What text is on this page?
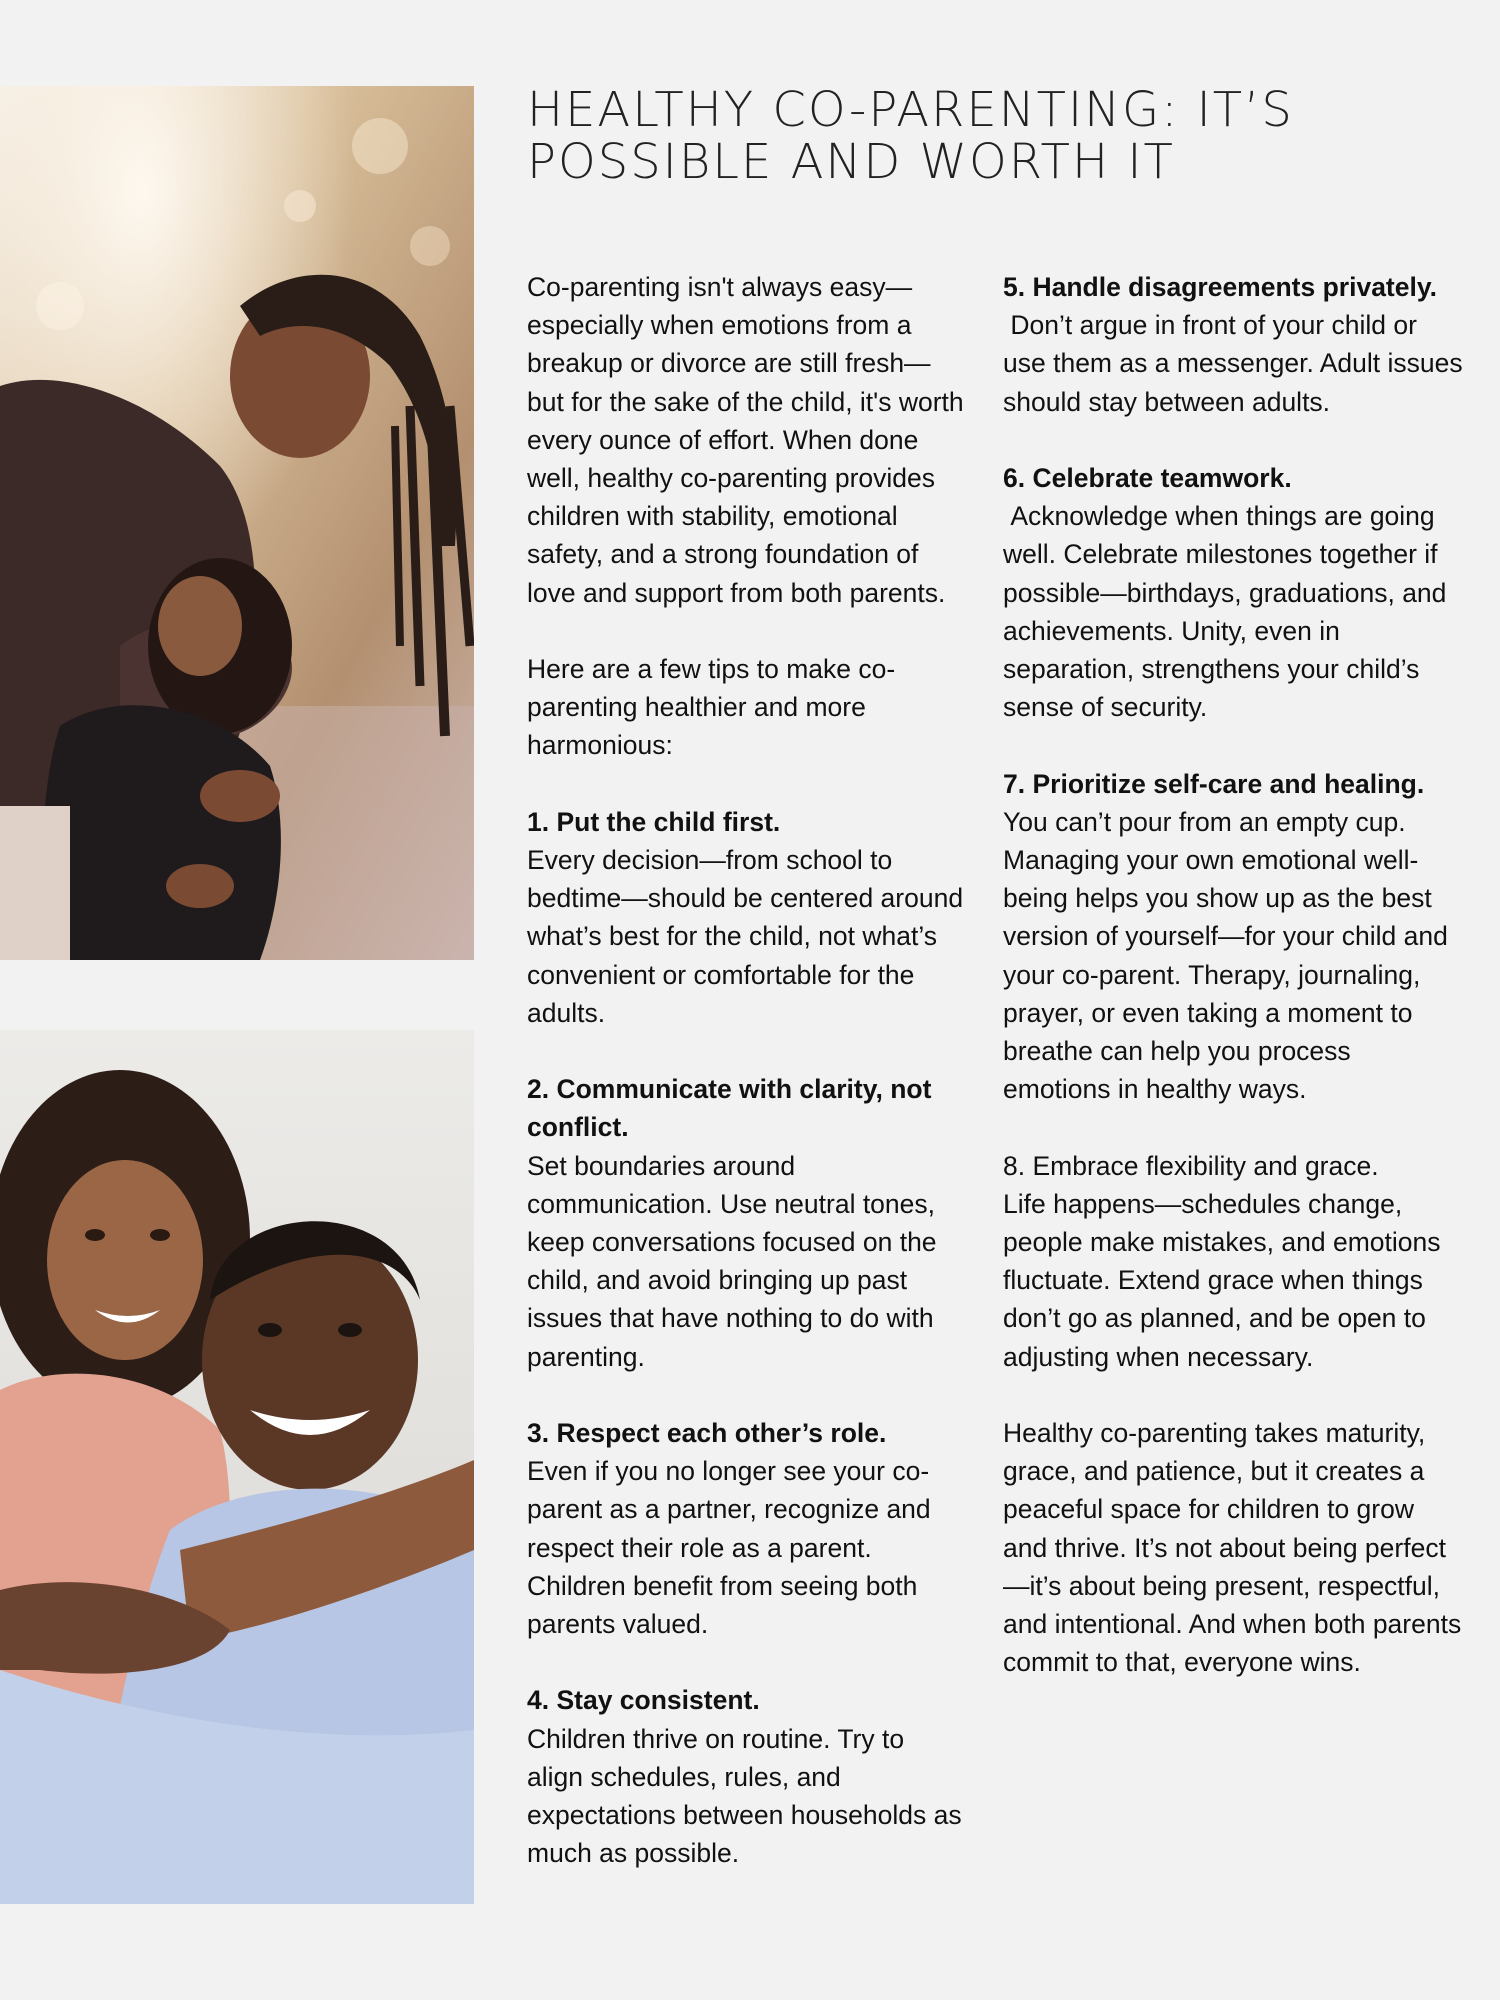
HEALTHY CO-PARENTING: IT’S
POSSIBLE AND WORTH IT

Co-parenting isn't always easy—especially when emotions from a breakup or divorce are still fresh—but for the sake of the child, it's worth every ounce of effort. When done well, healthy co-parenting provides children with stability, emotional safety, and a strong foundation of love and support from both parents.

Here are a few tips to make co-parenting healthier and more harmonious:

1. Put the child first.
Every decision—from school to bedtime—should be centered around what’s best for the child, not what’s convenient or comfortable for the adults.

2. Communicate with clarity, not conflict.
Set boundaries around communication. Use neutral tones, keep conversations focused on the child, and avoid bringing up past issues that have nothing to do with parenting.

3. Respect each other’s role.
Even if you no longer see your co-parent as a partner, recognize and respect their role as a parent. Children benefit from seeing both parents valued.

4. Stay consistent.
Children thrive on routine. Try to align schedules, rules, and expectations between households as much as possible.

5. Handle disagreements privately.
Don’t argue in front of your child or use them as a messenger. Adult issues should stay between adults.

6. Celebrate teamwork.
Acknowledge when things are going well. Celebrate milestones together if possible—birthdays, graduations, and achievements. Unity, even in separation, strengthens your child’s sense of security.

7. Prioritize self-care and healing.
You can’t pour from an empty cup. Managing your own emotional well-being helps you show up as the best version of yourself—for your child and your co-parent. Therapy, journaling, prayer, or even taking a moment to breathe can help you process emotions in healthy ways.

8. Embrace flexibility and grace.
Life happens—schedules change, people make mistakes, and emotions fluctuate. Extend grace when things don’t go as planned, and be open to adjusting when necessary.

Healthy co-parenting takes maturity, grace, and patience, but it creates a peaceful space for children to grow and thrive. It’s not about being perfect—it’s about being present, respectful, and intentional. And when both parents commit to that, everyone wins.
